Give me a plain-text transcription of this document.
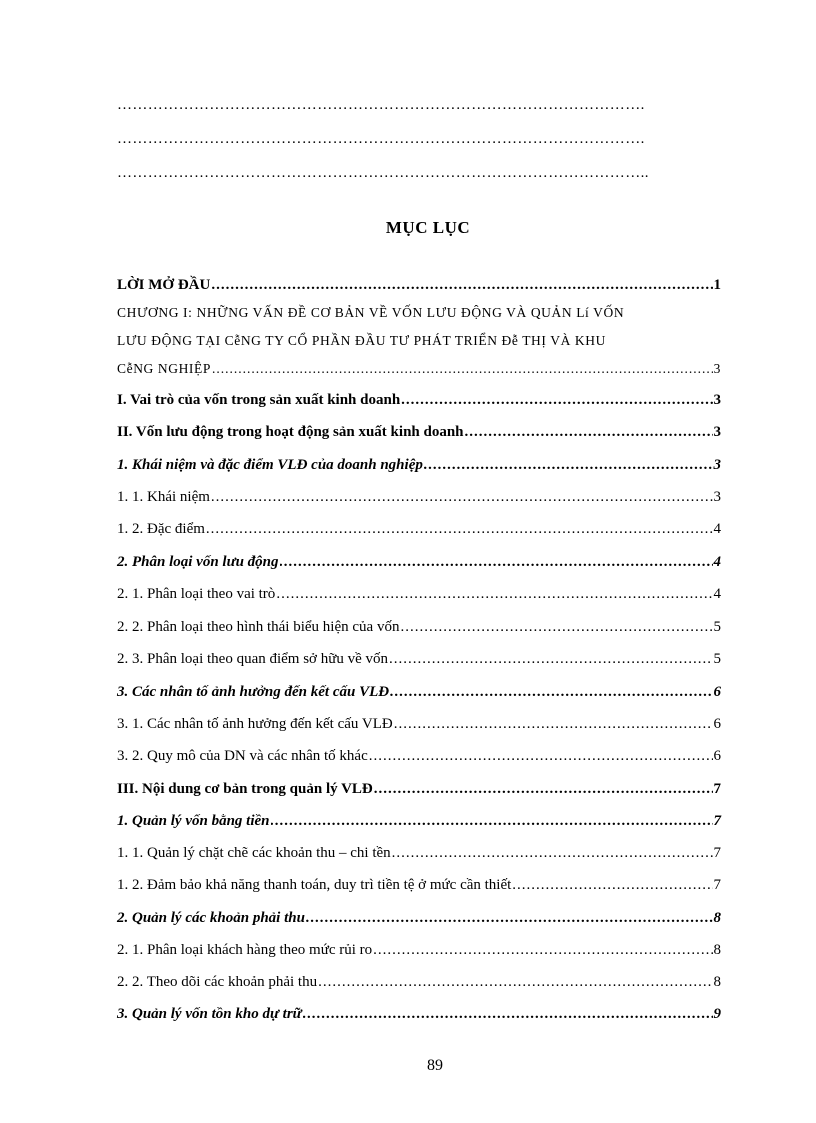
………………………………………………………………………………………….
………………………………………………………………………………………….
…………………………………………………………………………………………..
MỤC LỤC
LỜI MỞ ĐẦU .....	1
CHƯƠNG I: NHỮNG VẤN ĐỀ CƠ BẢN VỀ VỐN LƯU ĐỘNG VÀ QUẢN Lí VỐN
LƯU ĐỘNG TẠI CễNG TY CỔ PHẦN ĐẦU TƯ PHÁT TRIỂN Đễ THỊ VÀ KHU
CễNG NGHIỆP .....	3
I. Vai trò của vốn trong sản xuất kinh doanh .....	3
II. Vốn lưu động trong hoạt động sản xuất kinh doanh .....	3
1. Khái niệm và đặc điểm VLĐ của doanh nghiệp .....	3
1. 1. Khái niệm .....	3
1. 2. Đặc điểm .....	4
2. Phân loại vốn lưu động .....	4
2. 1. Phân loại theo vai trò .....	4
2. 2. Phân loại theo hình thái biểu hiện của vốn .....	5
2. 3. Phân loại theo quan điểm sở hữu về vốn .....	5
3. Các nhân tố ảnh hưởng đến kết cấu VLĐ .....	6
3. 1. Các nhân tố ảnh hưởng đến kết cấu VLĐ .....	6
3. 2. Quy mô của DN và các nhân tố khác .....	6
III. Nội dung cơ bản trong quản lý VLĐ .....	7
1. Quản lý vốn bằng tiền .....	7
1. 1. Quản lý chặt chẽ các khoản thu – chi tền .....	7
1. 2. Đảm bảo khả năng thanh toán, duy trì tiền tệ ở mức cần thiết .....	7
2. Quản lý các khoản phải thu .....	8
2. 1. Phân loại khách hàng theo mức rủi ro .....	8
2. 2. Theo dõi các khoản phải thu .....	8
3. Quản lý vốn tồn kho dự trữ .....	9
89
